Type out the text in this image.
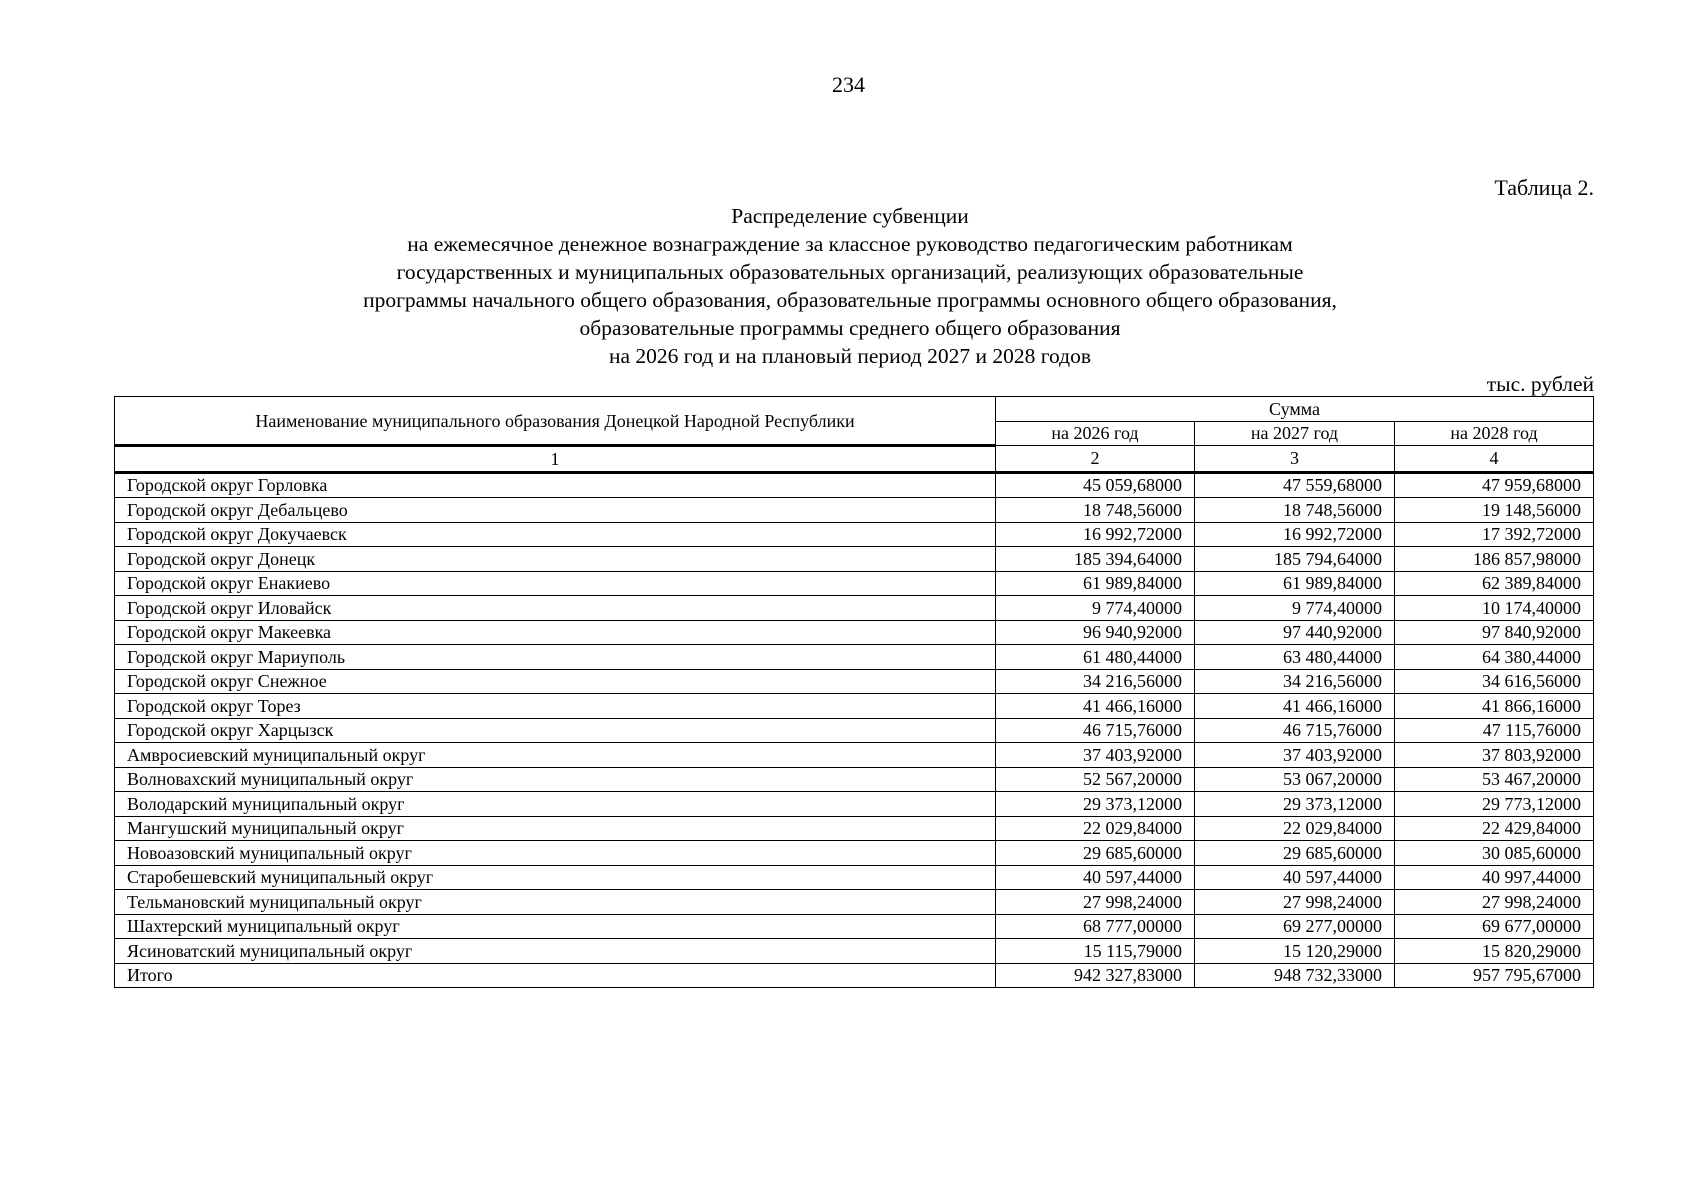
234
Таблица 2.
Распределение субвенции
на ежемесячное денежное вознаграждение за классное руководство педагогическим работникам
государственных и муниципальных образовательных организаций, реализующих образовательные
программы начального общего образования, образовательные программы основного общего образования,
образовательные программы среднего общего образования
на 2026 год и на плановый период 2027 и 2028 годов
тыс. рублей
Наименование муниципального образования Донецкой Народной Республики	Сумма		
	на 2026 год	на 2027 год	на 2028 год
1	2	3	4
Городской округ Горловка	45 059,68000	47 559,68000	47 959,68000
Городской округ Дебальцево	18 748,56000	18 748,56000	19 148,56000
Городской округ Докучаевск	16 992,72000	16 992,72000	17 392,72000
Городской округ Донецк	185 394,64000	185 794,64000	186 857,98000
Городской округ Енакиево	61 989,84000	61 989,84000	62 389,84000
Городской округ Иловайск	9 774,40000	9 774,40000	10 174,40000
Городской округ Макеевка	96 940,92000	97 440,92000	97 840,92000
Городской округ Мариуполь	61 480,44000	63 480,44000	64 380,44000
Городской округ Снежное	34 216,56000	34 216,56000	34 616,56000
Городской округ Торез	41 466,16000	41 466,16000	41 866,16000
Городской округ Харцызск	46 715,76000	46 715,76000	47 115,76000
Амвросиевский муниципальный округ	37 403,92000	37 403,92000	37 803,92000
Волновахский муниципальный округ	52 567,20000	53 067,20000	53 467,20000
Володарский муниципальный округ	29 373,12000	29 373,12000	29 773,12000
Мангушский муниципальный округ	22 029,84000	22 029,84000	22 429,84000
Новоазовский муниципальный округ	29 685,60000	29 685,60000	30 085,60000
Старобешевский муниципальный округ	40 597,44000	40 597,44000	40 997,44000
Тельмановский муниципальный округ	27 998,24000	27 998,24000	27 998,24000
Шахтерский муниципальный округ	68 777,00000	69 277,00000	69 677,00000
Ясиноватский муниципальный округ	15 115,79000	15 120,29000	15 820,29000
Итого	942 327,83000	948 732,33000	957 795,67000
